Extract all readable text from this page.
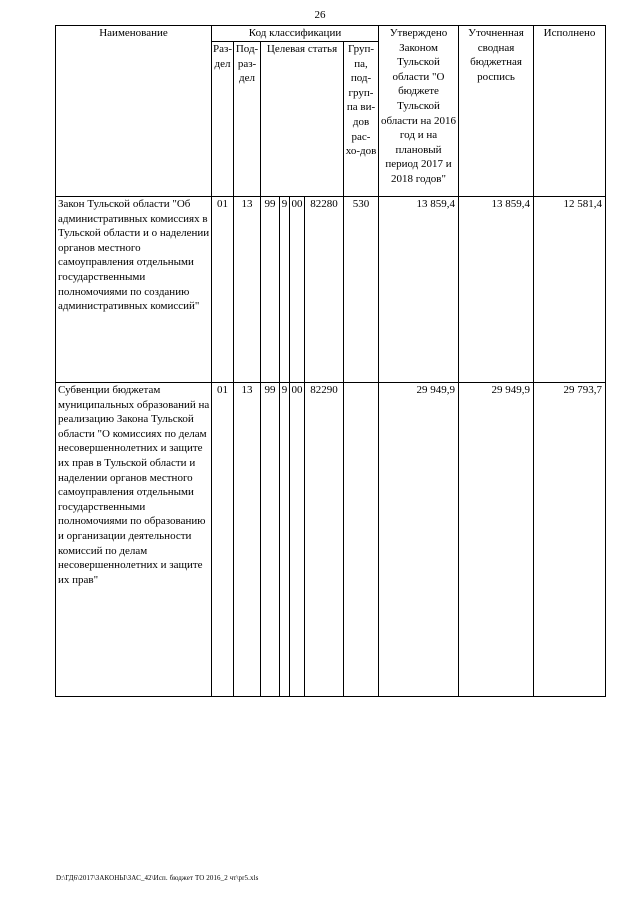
26
Наименование	Код классификации							Утверждено Законом Тульской области "О бюджете Тульской области на 2016 год и на плановый период 2017 и 2018 годов"	Уточненная сводная бюджетная роспись	Исполнено
	Раз-дел	Под-раз-дел	Целевая статья				Груп-па, под-груп-па ви-дов рас-хо-дов			
Закон Тульской области "Об административных комиссиях в Тульской области и о наделении органов местного самоуправления отдельными государственными полномочиями по созданию административных комиссий"	01	13	99	9	00	82280	530	13 859,4	13 859,4	12 581,4
Субвенции бюджетам муниципальных образований на реализацию Закона Тульской области "О комиссиях по делам несовершеннолетних и защите их прав в Тульской области и наделении органов местного самоуправления отдельными государственными полномочиями по образованию и организации деятельности комиссий по делам несовершеннолетних и защите их прав"	01	13	99	9	00	82290		29 949,9	29 949,9	29 793,7
D:\ГД6\2017\ЗАКОНЫ\ЗАС_42\Исп. бюджет ТО 2016_2 чт\pr5.xls
